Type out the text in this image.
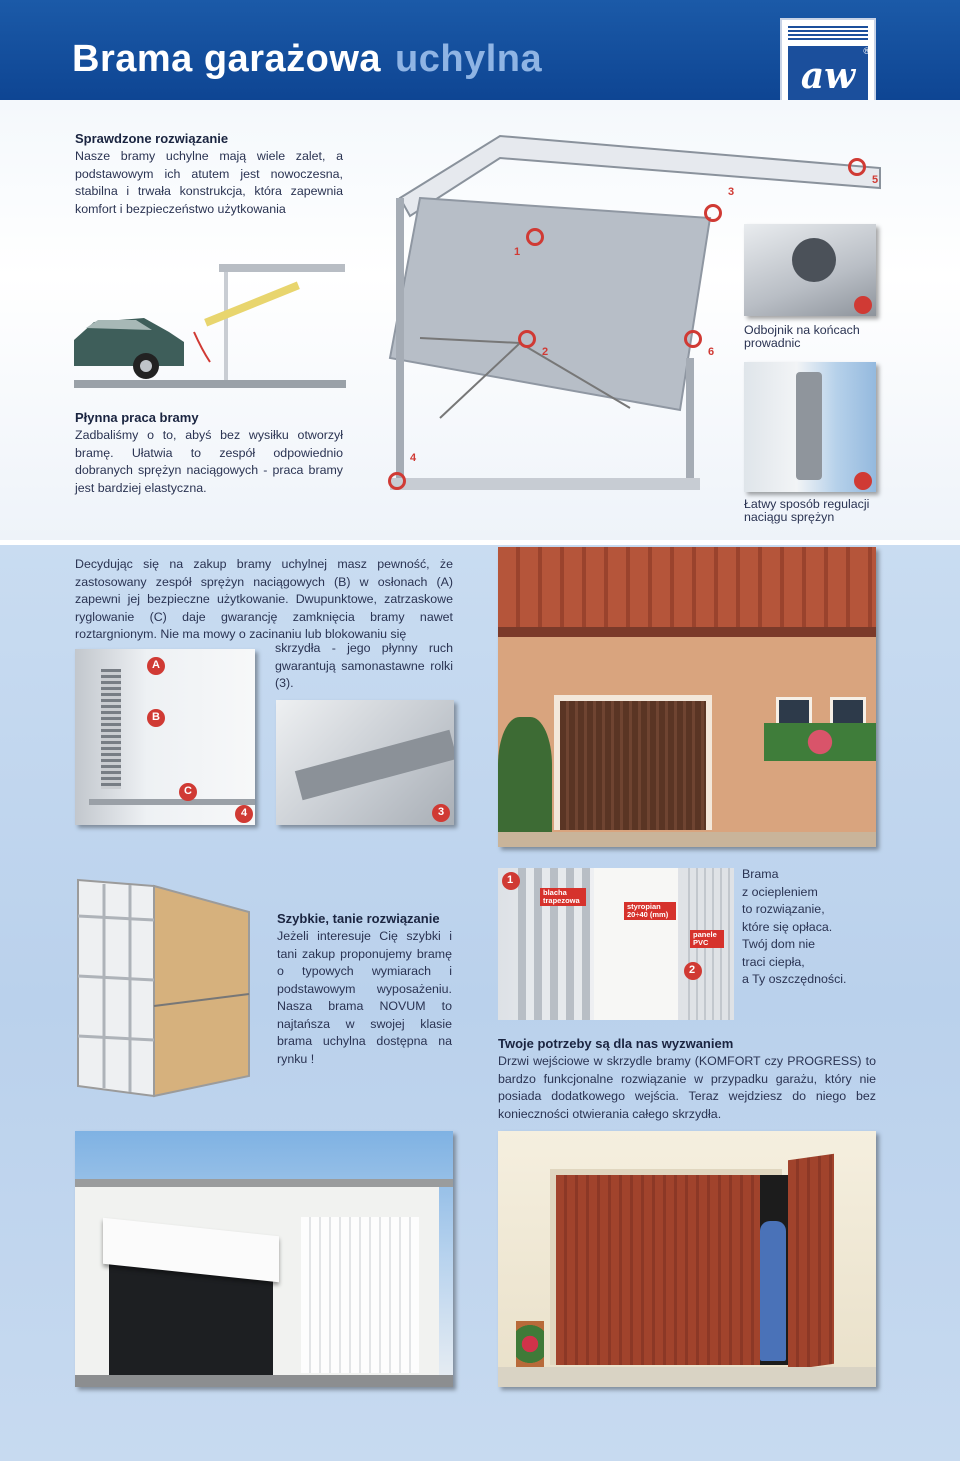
Brama garażowa uchylna	aw
®
Sprawdzone rozwiązanie
Nasze bramy uchylne mają wiele zalet, a podstawowym ich atutem jest nowoczesna, stabilna i trwała konstrukcja, która zapewnia komfort i bezpieczeństwo użytkowania
Płynna praca bramy
Zadbaliśmy o to, abyś bez wysiłku otworzył bramę. Ułatwia to zespół odpowiednio dobranych sprężyn naciągowych - praca bramy jest bardziej elastyczna.
1
2
3
4
5
6
Odbojnik na końcach prowadnic
Łatwy sposób regulacji naciągu sprężyn
Decydując się na zakup bramy uchylnej masz pewność, że zastosowany zespół sprężyn naciągowych (B) w osłonach (A) zapewni jej bezpieczne użytkowanie. Dwupunktowe, zatrzaskowe ryglowanie (C) daje gwarancję zamknięcia bramy nawet roztargnionym. Nie ma mowy o zacinaniu lub blokowaniu się
skrzydła - jego płynny ruch gwarantują samonastawne rolki (3).
A
B
C
4	3
Szybkie, tanie rozwiązanie
Jeżeli interesuje Cię szybki i tani zakup proponujemy bramę o typowych wymiarach i podstawowym wyposażeniu. Nasza brama NOVUM to najtańsza w swojej klasie brama uchylna dostępna na rynku !
1
2
blacha trapezowa
styropian 20÷40 (mm)
panele PVC
Brama
z ociepleniem
to rozwiązanie,
które się opłaca.
Twój dom nie
traci ciepła,
a Ty oszczędności.
Twoje potrzeby są dla nas wyzwaniem
Drzwi wejściowe w skrzydle bramy (KOMFORT czy PROGRESS) to bardzo funkcjonalne rozwiązanie w przypadku garażu, który nie posiada dodatkowego wejścia. Teraz wejdziesz do niego bez konieczności otwierania całego skrzydła.
